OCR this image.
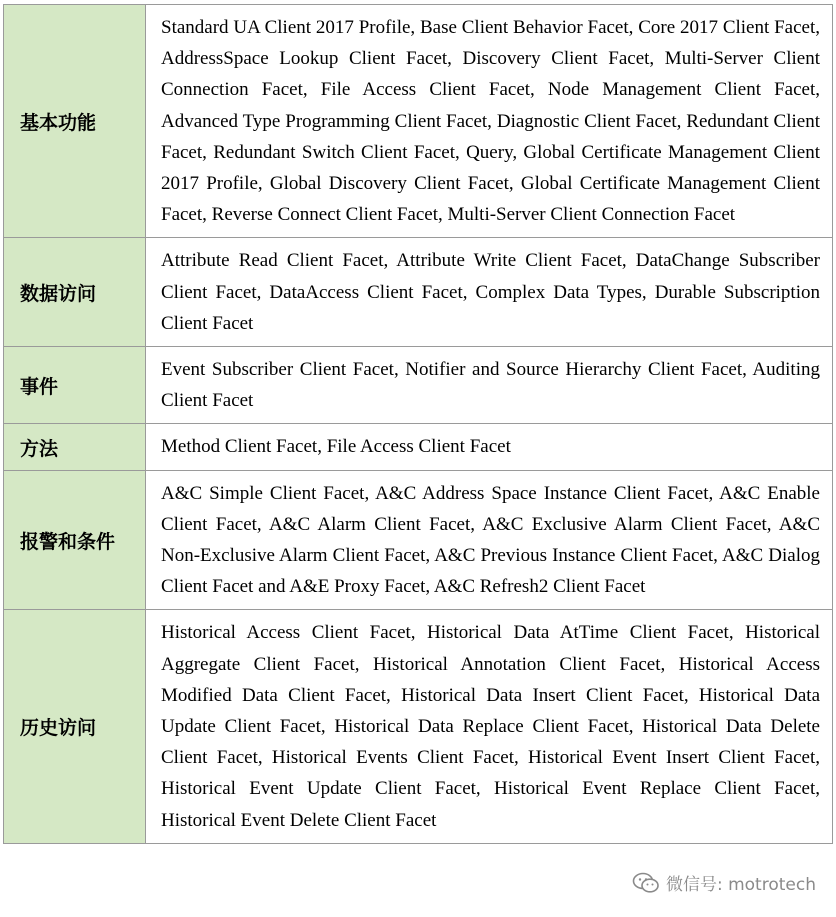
基本功能	Standard UA Client 2017 Profile, Base Client Behavior Facet, Core 2017 Client Facet, AddressSpace Lookup Client Facet, Discovery Client Facet, Multi-Server Client Connection Facet, File Access Client Facet, Node Management Client Facet, Advanced Type Programming Client Facet, Diagnostic Client Facet, Redundant Client Facet, Redundant Switch Client Facet, Query, Global Certificate Management Client 2017 Profile, Global Discovery Client Facet, Global Certificate Management Client Facet, Reverse Connect Client Facet, Multi-Server Client Connection Facet
数据访问	Attribute Read Client Facet, Attribute Write Client Facet, DataChange Subscriber Client Facet, DataAccess Client Facet, Complex Data Types, Durable Subscription Client Facet
事件	Event Subscriber Client Facet, Notifier and Source Hierarchy Client Facet, Auditing Client Facet
方法	Method Client Facet, File Access Client Facet
报警和条件	A&C Simple Client Facet, A&C Address Space Instance Client Facet, A&C Enable Client Facet, A&C Alarm Client Facet, A&C Exclusive Alarm Client Facet, A&C Non-Exclusive Alarm Client Facet, A&C Previous Instance Client Facet, A&C Dialog Client Facet and A&E Proxy Facet, A&C Refresh2 Client Facet
历史访问	Historical Access Client Facet, Historical Data AtTime Client Facet, Historical Aggregate Client Facet, Historical Annotation Client Facet, Historical Access Modified Data Client Facet, Historical Data Insert Client Facet, Historical Data Update Client Facet, Historical Data Replace Client Facet, Historical Data Delete Client Facet, Historical Events Client Facet, Historical Event Insert Client Facet, Historical Event Update Client Facet, Historical Event Replace Client Facet, Historical Event Delete Client Facet
微信号: motrotech
